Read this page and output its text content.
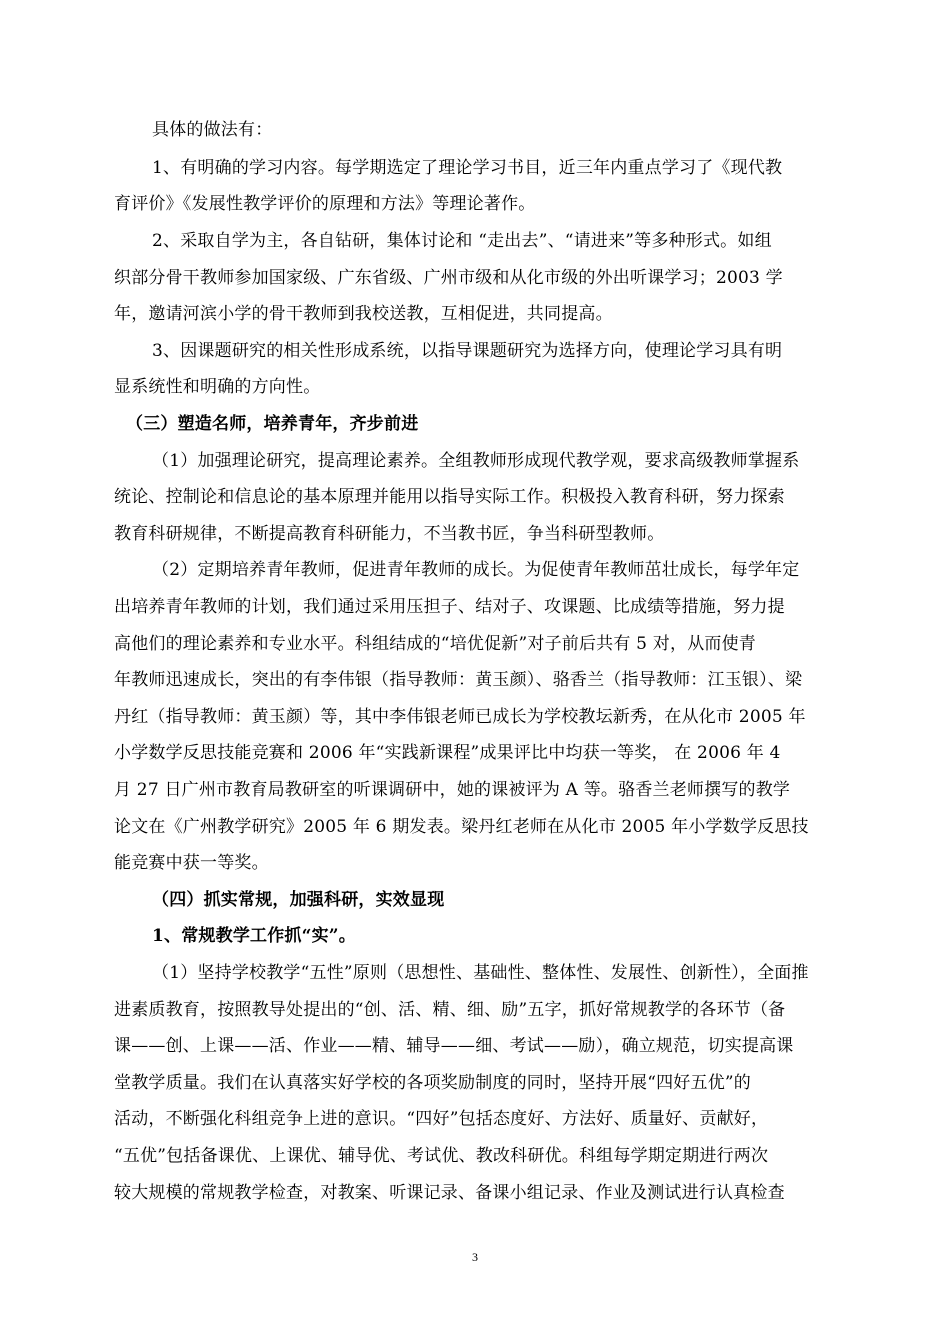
具体的做法有：
1、有明确的学习内容。每学期选定了理论学习书目，近三年内重点学习了《现代教
育评价》《发展性教学评价的原理和方法》等理论著作。
2、采取自学为主，各自钻研，集体讨论和 “走出去”、“请进来”等多种形式。如组
织部分骨干教师参加国家级、广东省级、广州市级和从化市级的外出听课学习；2003 学
年，邀请河滨小学的骨干教师到我校送教，互相促进，共同提高。
3、因课题研究的相关性形成系统，以指导课题研究为选择方向，使理论学习具有明
显系统性和明确的方向性。
（三）塑造名师，培养青年，齐步前进
（1）加强理论研究，提高理论素养。全组教师形成现代教学观，要求高级教师掌握系
统论、控制论和信息论的基本原理并能用以指导实际工作。积极投入教育科研，努力探索
教育科研规律，不断提高教育科研能力，不当教书匠，争当科研型教师。
（2）定期培养青年教师，促进青年教师的成长。为促使青年教师茁壮成长，每学年定
出培养青年教师的计划，我们通过采用压担子、结对子、攻课题、比成绩等措施，努力提
高他们的理论素养和专业水平。科组结成的“培优促新”对子前后共有 5 对，从而使青
年教师迅速成长，突出的有李伟银（指导教师：黄玉颜）、骆香兰（指导教师：江玉银）、梁
丹红（指导教师：黄玉颜）等，其中李伟银老师已成长为学校教坛新秀，在从化市 2005 年
小学数学反思技能竞赛和 2006 年“实践新课程”成果评比中均获一等奖， 在 2006 年 4
月 27 日广州市教育局教研室的听课调研中，她的课被评为 A 等。骆香兰老师撰写的教学
论文在《广州教学研究》2005 年 6 期发表。梁丹红老师在从化市 2005 年小学数学反思技
能竞赛中获一等奖。
（四）抓实常规，加强科研，实效显现
1、常规教学工作抓“实”。
（1）坚持学校教学“五性”原则（思想性、基础性、整体性、发展性、创新性），全面推
进素质教育，按照教导处提出的“创、活、精、细、励”五字，抓好常规教学的各环节（备
课——创、上课——活、作业——精、辅导——细、考试——励），确立规范，切实提高课
堂教学质量。我们在认真落实好学校的各项奖励制度的同时，坚持开展“四好五优”的
活动，不断强化科组竞争上进的意识。“四好”包括态度好、方法好、质量好、贡献好，
“五优”包括备课优、上课优、辅导优、考试优、教改科研优。科组每学期定期进行两次
较大规模的常规教学检查，对教案、听课记录、备课小组记录、作业及测试进行认真检查
3
